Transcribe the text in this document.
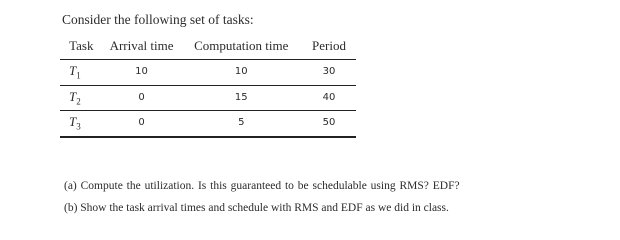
Consider the following set of tasks:
Task	Arrival time	Computation time	Period
$T_1$	10	10	30
$T_2$	0	15	40
$T_3$	0	5	50
(a) Compute the utilization. Is this guaranteed to be schedulable using RMS? EDF?
(b) Show the task arrival times and schedule with RMS and EDF as we did in class.
